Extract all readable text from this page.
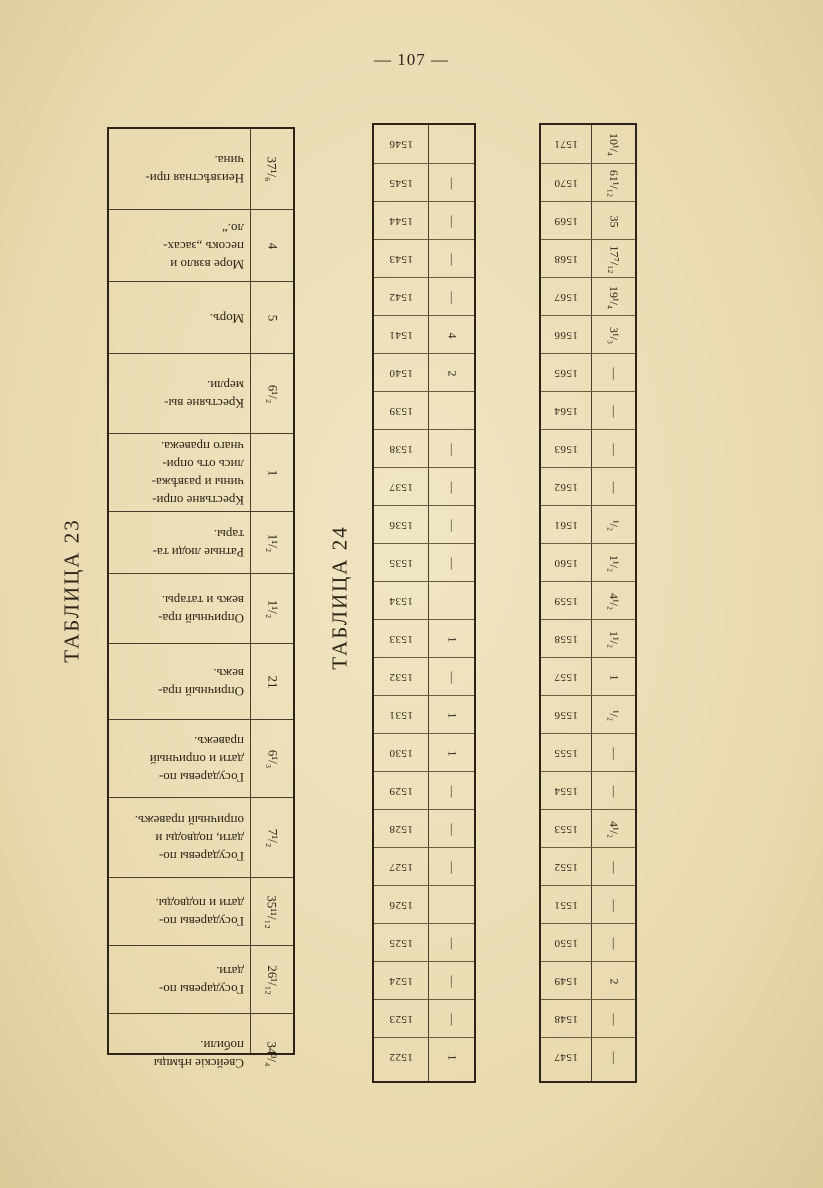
— 107 —
ТАБЛИЦА 23
Неизвѣстная при-
чина. 37¹/₆
Море взяло и
песокъ „засах-
ло.“
4
Моръ. 5
Крестьяне вы-
мерли. 6¹/₂
Крестьяне опри-
чины и развѣжа-
лись отъ опри-
чнаго правежа.
1
Ратные люди та-
тары. 1¹/₂
Опричный пра-
вежъ и татары.	1¹/₂
Опричный пра-
вежъ.
21
Государевы по-
дати и опричный
правежъ.
6¹/₃
Государевы по-
дати, подводы и
опричный правежъ.
7¹/₂
Государевы по-
дати и подводы.	35¹¹/₁₂
Государевы по-
дати. 26¹/₁₂
Свейскіе нѣмцы
побили. 34³/₄
ТАБЛИЦА 24
1546
1545	—
1544	—
1543	—
1542	—
1541	4
1540	2
1539
1538	—
1537	—
1536	—
1535	—
1534
1533	1
1532	—
1531	1
1530	1
1529	—
1528	—
1527	—
1526
1525	—
1524	—
1523	—
1522	1
1571 10¹/₄
1570 61¹/₁₂
1569 35
1568 17⁷/₁₂
1567 19¹/₄
1566 3¹/₃
1565 —
1564 —
1563 —
1562 —
1561 ¹/₂
1560 1¹/₂
1559 4¹/₂
1558 1¹/₂
1557 1
1556 ¹/₂
1555 —
1554 —
1553 4¹/₂
1552 —
1551 —
1550 —
1549 2
1548 —
1547 —
